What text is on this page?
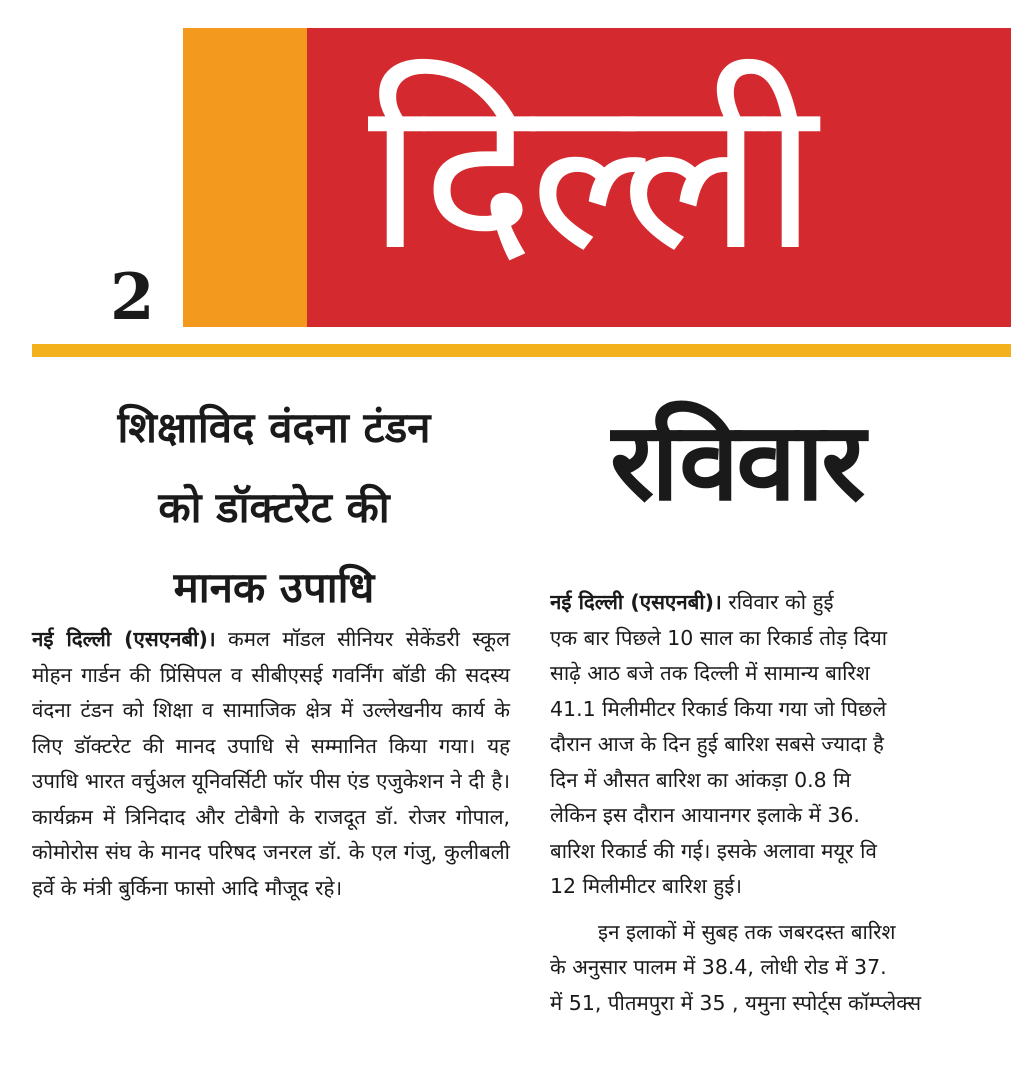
2
दिल्ली
शिक्षाविद वंदना टंडन
को डॉक्टरेट की
मानक उपाधि
नई दिल्ली (एसएनबी)। कमल मॉडल सीनियर सेकेंडरी स्कूल मोहन गार्डन की प्रिंसिपल व सीबीएसई गवर्निंग बॉडी की सदस्य वंदना टंडन को शिक्षा व सामाजिक क्षेत्र में उल्लेखनीय कार्य के लिए डॉक्टरेट की मानद उपाधि से सम्मानित किया गया। यह उपाधि भारत वर्चुअल यूनिवर्सिटी फॉर पीस एंड एजुकेशन ने दी है। कार्यक्रम में त्रिनिदाद और टोबैगो के राजदूत डॉ. रोजर गोपाल, कोमोरोस संघ के मानद परिषद जनरल डॉ. के एल गंजु, कुलीबली हर्वे के मंत्री बुर्किना फासो आदि मौजूद रहे।
रविवार
नई दिल्ली (एसएनबी)। रविवार को हुई
एक बार पिछले 10 साल का रिकार्ड तोड़ दिया
साढ़े आठ बजे तक दिल्ली में सामान्य बारिश
41.1 मिलीमीटर रिकार्ड किया गया जो पिछले
दौरान आज के दिन हुई बारिश सबसे ज्यादा है
दिन में औसत बारिश का आंकड़ा 0.8 मि
लेकिन इस दौरान आयानगर इलाके में 36.
बारिश रिकार्ड की गई। इसके अलावा मयूर वि
12 मिलीमीटर बारिश हुई।
इन इलाकों में सुबह तक जबरदस्त बारिश
के अनुसार पालम में 38.4, लोधी रोड में 37.
में 51, पीतमपुरा में 35 , यमुना स्पोर्ट्स कॉम्प्लेक्स
